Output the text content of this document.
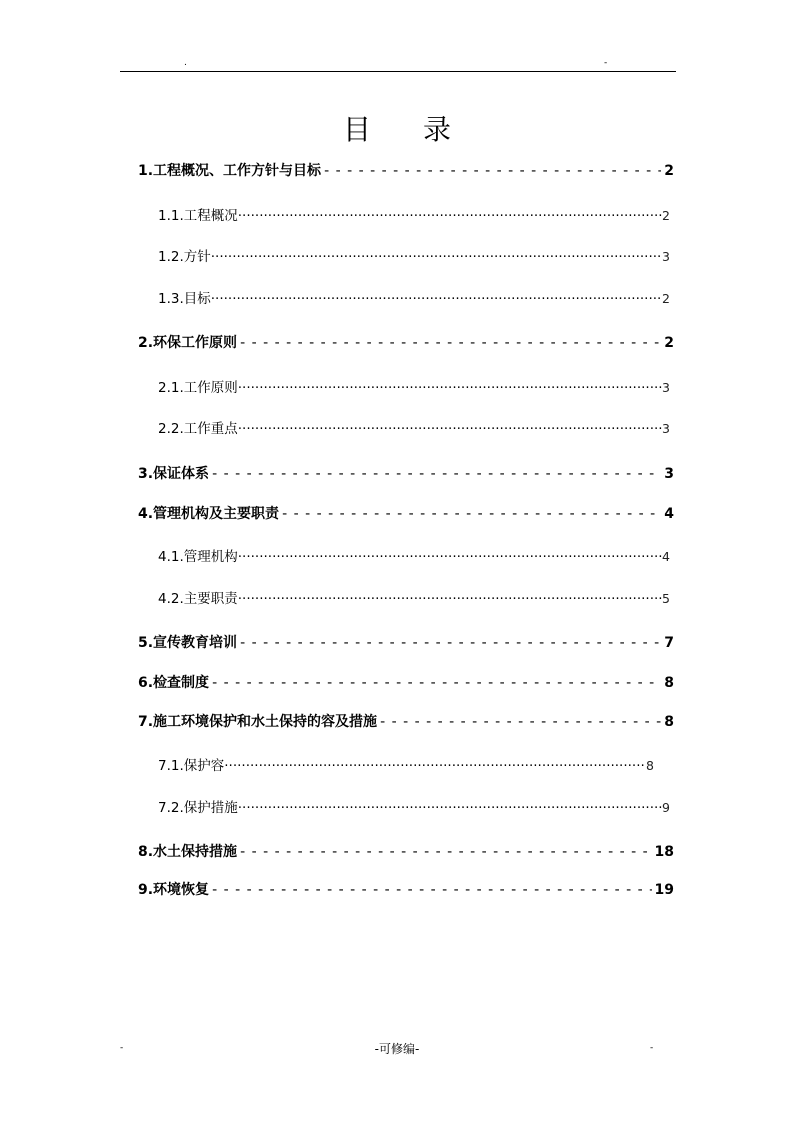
.	-
目 录
1.工程概况、工作方针与目标 - - -	2
1.1.工程概况 ·····	2
1.2.方针 ·····	3
1.3.目标 ·····	2
2.环保工作原则 - - -	2
2.1.工作原则 ·····	3
2.2.工作重点 ·····	3
3.保证体系 - - -	3
4.管理机构及主要职责 - - -	4
4.1.管理机构 ·····	4
4.2.主要职责 ·····	5
5.宣传教育培训 - - -	7
6.检查制度 - - -	8
7.施工环境保护和水土保持的容及措施 - - -	8
7.1.保护容 ·····	8
7.2.保护措施 ·····	9
8.水土保持措施 - - -	18
9.环境恢复 - - -	19
-	-可修编-	-
